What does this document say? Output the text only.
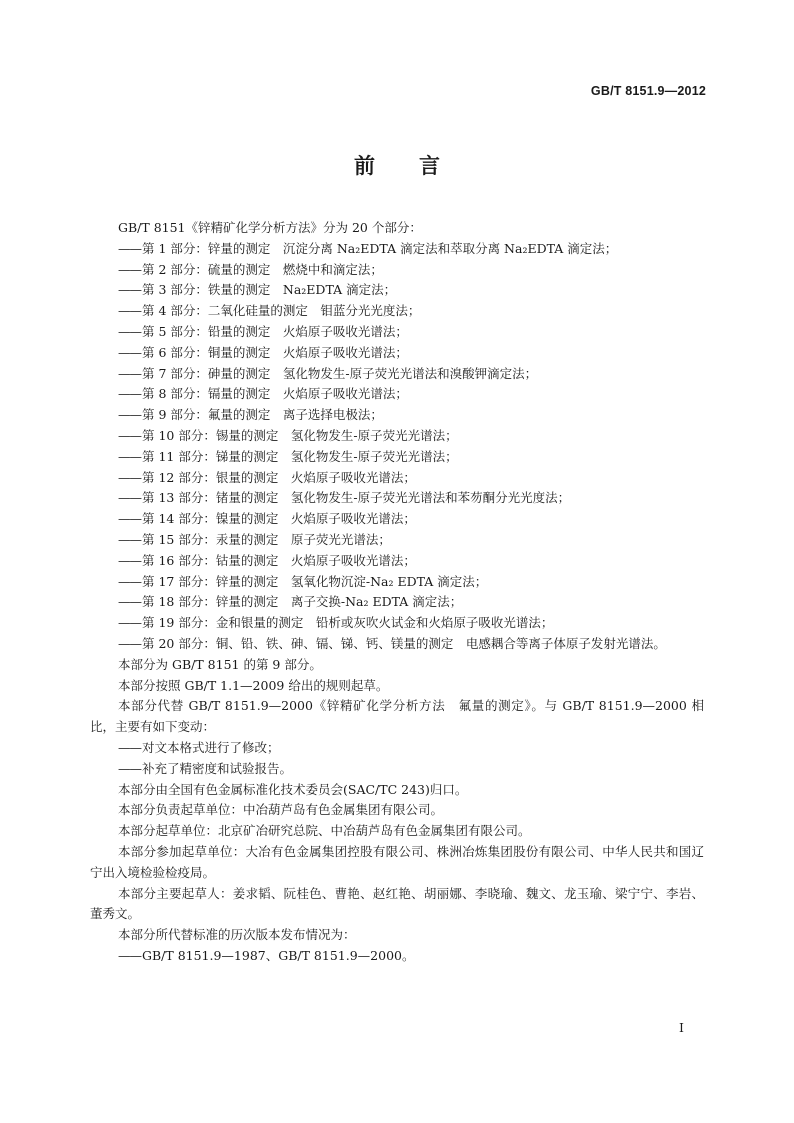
GB/T 8151.9—2012
前言

GB/T 8151《锌精矿化学分析方法》分为 20 个部分：

—— 第 1 部分：锌量的测定　沉淀分离 Na₂EDTA 滴定法和萃取分离 Na₂EDTA 滴定法；

—— 第 2 部分：硫量的测定　燃烧中和滴定法；

—— 第 3 部分：铁量的测定　Na₂EDTA 滴定法；

—— 第 4 部分：二氧化硅量的测定　钼蓝分光光度法；

—— 第 5 部分：铅量的测定　火焰原子吸收光谱法；

—— 第 6 部分：铜量的测定　火焰原子吸收光谱法；

—— 第 7 部分：砷量的测定　氢化物发生-原子荧光光谱法和溴酸钾滴定法；

—— 第 8 部分：镉量的测定　火焰原子吸收光谱法；

—— 第 9 部分：氟量的测定　离子选择电极法；

—— 第 10 部分：锡量的测定　氢化物发生-原子荧光光谱法；

—— 第 11 部分：锑量的测定　氢化物发生-原子荧光光谱法；

—— 第 12 部分：银量的测定　火焰原子吸收光谱法；

—— 第 13 部分：锗量的测定　氢化物发生-原子荧光光谱法和苯芴酮分光光度法；

—— 第 14 部分：镍量的测定　火焰原子吸收光谱法；

—— 第 15 部分：汞量的测定　原子荧光光谱法；

—— 第 16 部分：钴量的测定　火焰原子吸收光谱法；

—— 第 17 部分：锌量的测定　氢氧化物沉淀-Na₂ EDTA 滴定法；

—— 第 18 部分：锌量的测定　离子交换-Na₂ EDTA 滴定法；

—— 第 19 部分：金和银量的测定　铅析或灰吹火试金和火焰原子吸收光谱法；

—— 第 20 部分：铜、铅、铁、砷、镉、锑、钙、镁量的测定　电感耦合等离子体原子发射光谱法。

本部分为 GB/T 8151 的第 9 部分。

本部分按照 GB/T 1.1—2009 给出的规则起草。

本部分代替 GB/T 8151.9—2000《锌精矿化学分析方法　氟量的测定》。与 GB/T 8151.9—2000 相比，主要有如下变动：

—— 对文本格式进行了修改；

—— 补充了精密度和试验报告。

本部分由全国有色金属标准化技术委员会(SAC/TC 243)归口。

本部分负责起草单位：中冶葫芦岛有色金属集团有限公司。

本部分起草单位：北京矿冶研究总院、中冶葫芦岛有色金属集团有限公司。

本部分参加起草单位：大冶有色金属集团控股有限公司、株洲冶炼集团股份有限公司、中华人民共和国辽宁出入境检验检疫局。

本部分主要起草人：姜求韬、阮桂色、曹艳、赵红艳、胡丽娜、李晓瑜、魏文、龙玉瑜、梁宁宁、李岩、董秀文。

本部分所代替标准的历次版本发布情况为：

—— GB/T 8151.9—1987、GB/T 8151.9—2000。

I
